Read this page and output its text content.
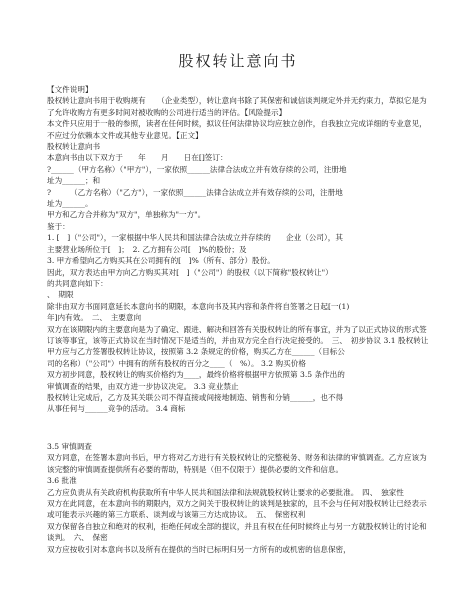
股权转让意向书

【文件说明】

股权转让意向书用于收购规有　　（企业类型），转让意向书除了其保密和诚信谈判规定外并无约束力，草拟它是为了允许收购方有更多时间对被收购的公司进行适当的评估。【风险提示】

本文件只应用于一般的参照，读者在任何时候，拟议任何法律协议均应独立创作，自我独立完成详细的专业意见，不应过分依赖本文件或其他专业意见。【正文】

股权转让意向书

本意向书由以下双方于　　年　　月　　日在[]签订：

?______（甲方名称）（"甲方"），一家依照______法律合法成立并有效存续的公司，注册地

址为______；和

?　　　（乙方名称）（"乙方"），一家依照______法律合法成立并有效存续的公司，注册地

址为______。

甲方和乙方合并称为"双方"，单独称为"一方"。

鉴于：

1. [　]（"公司"），一家根据中华人民共和国法律合法成立并存续的　　企业（公司），其

主要营业场所位于[　]；　2. 乙方拥有公司[　]%的股份；及

3. 甲方希望向乙方购买其在公司拥有的[　]%（所有、部分）股份。

因此，双方表达由甲方向乙方购买其对[　]（"公司"）的股权（以下简称"股权转让"）

的共同意向如下：

、　期限

除非由双方书面同意延长本意向书的期限，本意向书及其内容和条件将自签署之日起[一(1)

年]内有效。　二、　主要意向

双方在该期限内的主要意向是为了确定、跟进、解决和回答有关股权转让的所有事宜，并为了以正式协议的形式签订该等事宜，该等正式协议在当时情况下是适当的，并由双方完全自行决定接受的。　三、　初步协议 3.1 股权转让

甲方应与乙方签署股权转让协议，按照第 3.2 条规定的价格，购买乙方在______（目标公

司的名称）（"公司"）中拥有的所有股权的百分之____（　%）。 3.2 购买价格

双方初步同意，股权转让的购买价格约为____，最终价格将根据甲方依照第 3.5 条作出的

审慎调查的结果，由双方进一步协议决定。 3.3 竞业禁止

股权转让完成后，乙方及其关联公司不得直接或间接地制造、销售和分销______，也不得

从事任何与______竞争的活动。 3.4 商标

3.5 审慎调查

双方同意，在签署本意向书后，甲方将对乙方进行有关股权转让的完整税务、财务和法律的审慎调查。乙方应该为该完整的审慎调查提供所有必要的帮助，特别是（但不仅限于）提供必要的文件和信息。

3.6 批准

乙方应负责从有关政府机构获取所有中华人民共和国法律和法规就股权转让要求的必要批准。　四、　独家性

双方在此同意，在本意向书的期限内，双方之间关于股权转让的谈判是独家的，且不会与任何对股权转让已经表示或可能表示兴趣的第三方联系、谈判或与该第三方达成协议。　五、　保密权利

双方保留各自独立和绝对的权利，拒绝任何或全部的提议，并且有权在任何时候终止与另一方就股权转让的讨论和谈判。　六、　保密

双方应按收引对本意向书以及所有在提供的当时已标明归另一方所有的或机密的信息保密，
